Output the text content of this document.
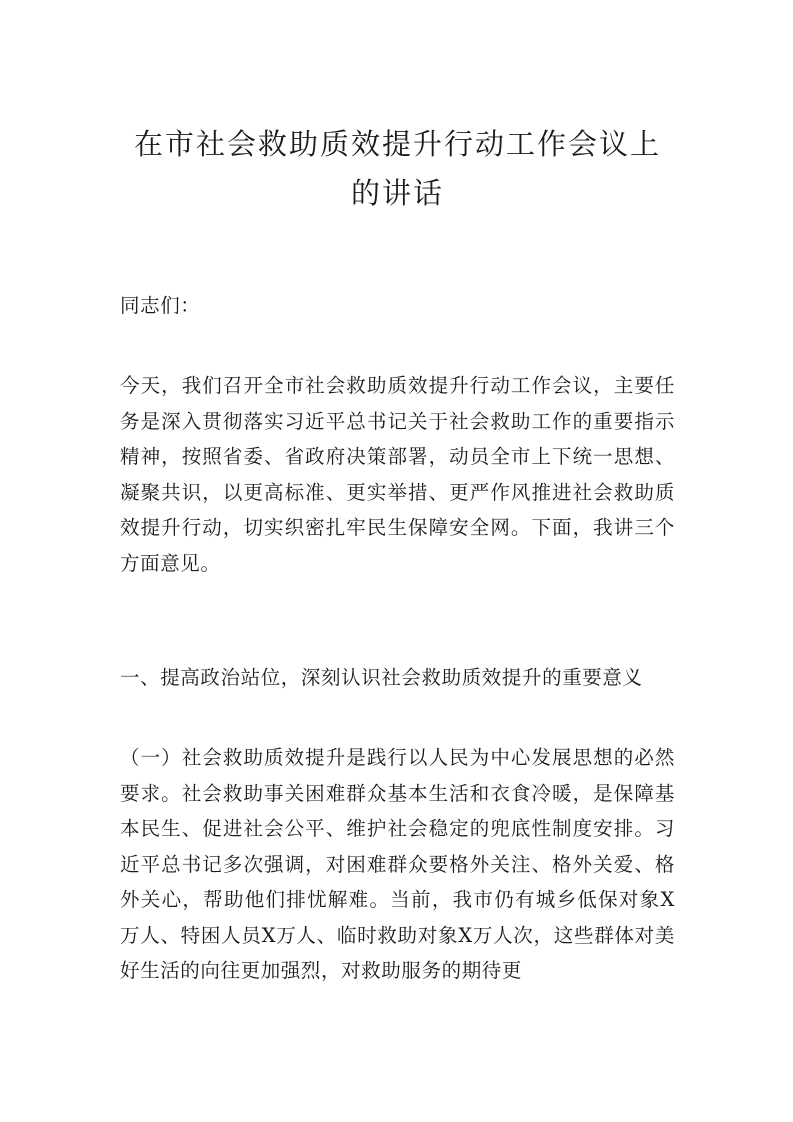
在市社会救助质效提升行动工作会议上的讲话

同志们：

今天，我们召开全市社会救助质效提升行动工作会议，主要任务是深入贯彻落实习近平总书记关于社会救助工作的重要指示精神，按照省委、省政府决策部署，动员全市上下统一思想、凝聚共识，以更高标准、更实举措、更严作风推进社会救助质效提升行动，切实织密扎牢民生保障安全网。下面，我讲三个方面意见。

一、提高政治站位，深刻认识社会救助质效提升的重要意义

（一）社会救助质效提升是践行以人民为中心发展思想的必然要求。社会救助事关困难群众基本生活和衣食冷暖，是保障基本民生、促进社会公平、维护社会稳定的兜底性制度安排。习近平总书记多次强调，对困难群众要格外关注、格外关爱、格外关心，帮助他们排忧解难。当前，我市仍有城乡低保对象X万人、特困人员X万人、临时救助对象X万人次，这些群体对美好生活的向往更加强烈，对救助服务的期待更
